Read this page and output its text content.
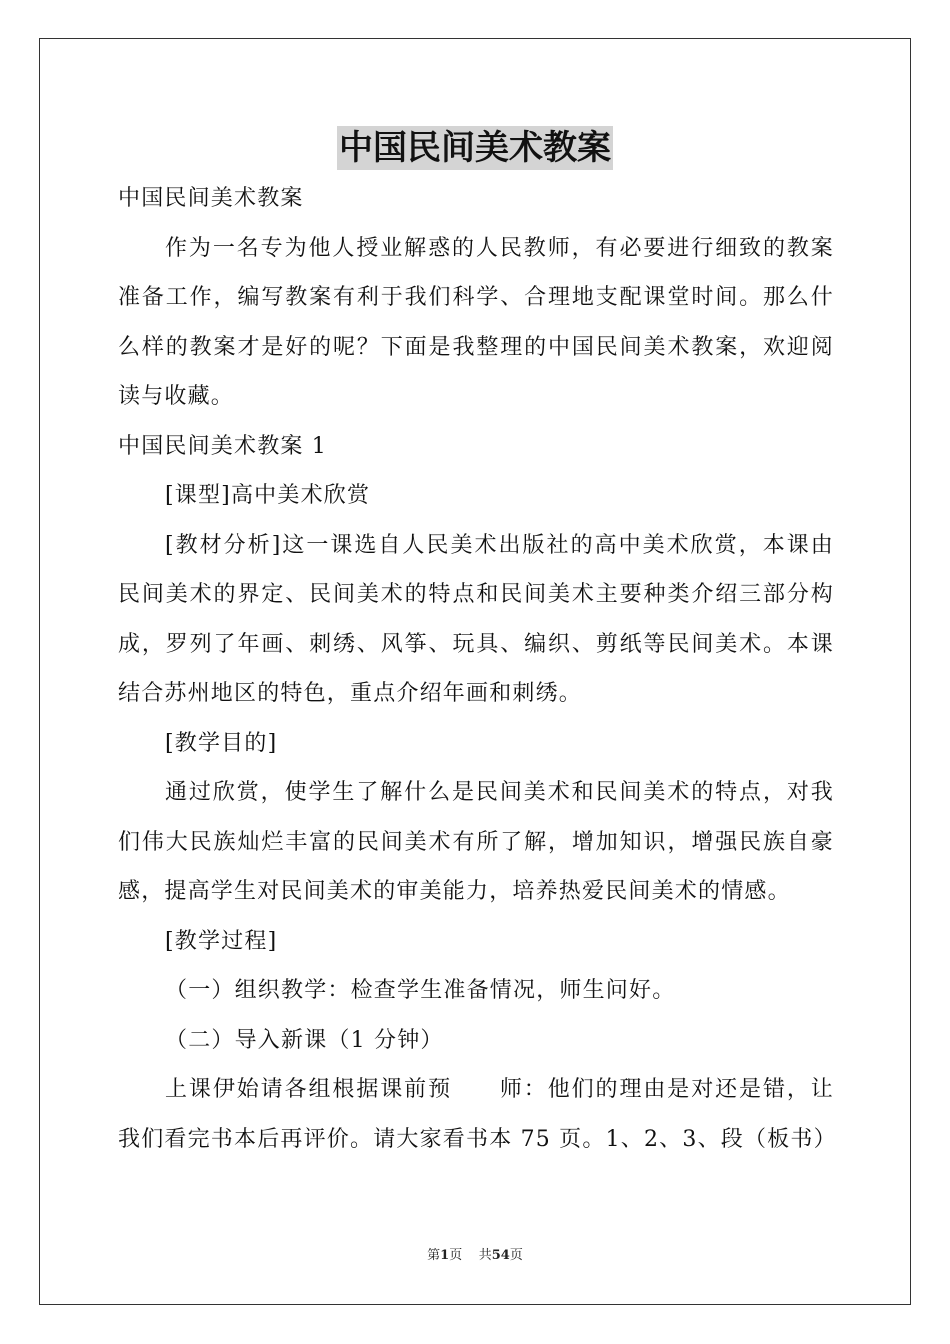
中国民间美术教案

中国民间美术教案

作为一名专为他人授业解惑的人民教师，有必要进行细致的教案准备工作，编写教案有利于我们科学、合理地支配课堂时间。那么什么样的教案才是好的呢？下面是我整理的中国民间美术教案，欢迎阅读与收藏。

中国民间美术教案 1

[课型]高中美术欣赏

[教材分析]这一课选自人民美术出版社的高中美术欣赏，本课由民间美术的界定、民间美术的特点和民间美术主要种类介绍三部分构成，罗列了年画、刺绣、风筝、玩具、编织、剪纸等民间美术。本课结合苏州地区的特色，重点介绍年画和刺绣。

[教学目的]

通过欣赏，使学生了解什么是民间美术和民间美术的特点，对我们伟大民族灿烂丰富的民间美术有所了解，增加知识，增强民族自豪感，提高学生对民间美术的审美能力，培养热爱民间美术的情感。

[教学过程]

（一）组织教学：检查学生准备情况，师生问好。

（二）导入新课（1 分钟）

上课伊始请各组根据课前预　　师：他们的理由是对还是错，让我们看完书本后再评价。请大家看书本 75 页。1、2、3、段（板书）

第1页 共54页
